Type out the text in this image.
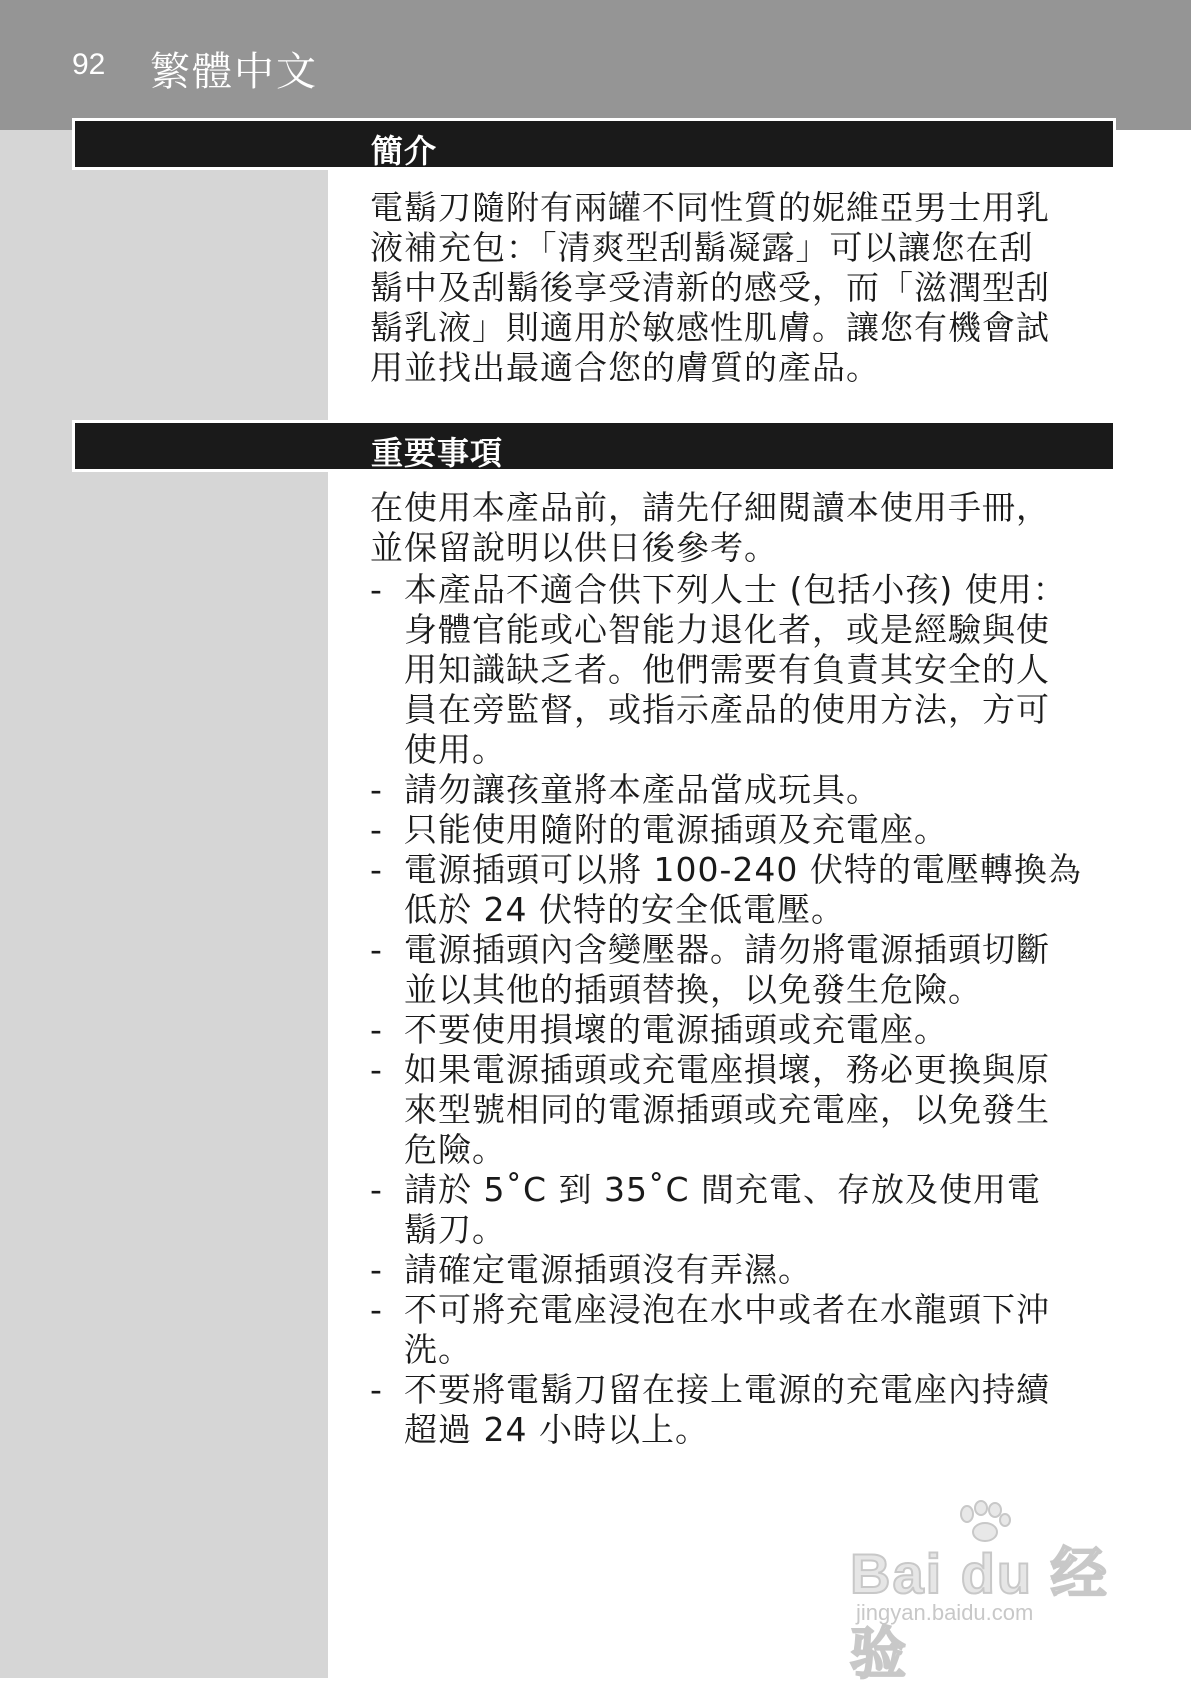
92 繁體中文
簡介
電鬍刀隨附有兩罐不同性質的妮維亞男士用乳
液補充包：「清爽型刮鬍凝露」可以讓您在刮
鬍中及刮鬍後享受清新的感受，而「滋潤型刮
鬍乳液」則適用於敏感性肌膚。讓您有機會試
用並找出最適合您的膚質的產品。
重要事項
在使用本產品前，請先仔細閱讀本使用手冊，
並保留說明以供日後參考。
- 本產品不適合供下列人士 (包括小孩) 使用：
身體官能或心智能力退化者，或是經驗與使
用知識缺乏者。他們需要有負責其安全的人
員在旁監督，或指示產品的使用方法，方可
使用。
- 請勿讓孩童將本產品當成玩具。
- 只能使用隨附的電源插頭及充電座。
- 電源插頭可以將 100-240 伏特的電壓轉換為
低於 24 伏特的安全低電壓。
- 電源插頭內含變壓器。請勿將電源插頭切斷
並以其他的插頭替換，以免發生危險。
- 不要使用損壞的電源插頭或充電座。
- 如果電源插頭或充電座損壞，務必更換與原
來型號相同的電源插頭或充電座，以免發生
危險。
- 請於 5˚C 到 35˚C 間充電、存放及使用電
鬍刀。
- 請確定電源插頭沒有弄濕。
- 不可將充電座浸泡在水中或者在水龍頭下沖
洗。
- 不要將電鬍刀留在接上電源的充電座內持續
超過 24 小時以上。
Bai du 经验
jingyan.baidu.com
